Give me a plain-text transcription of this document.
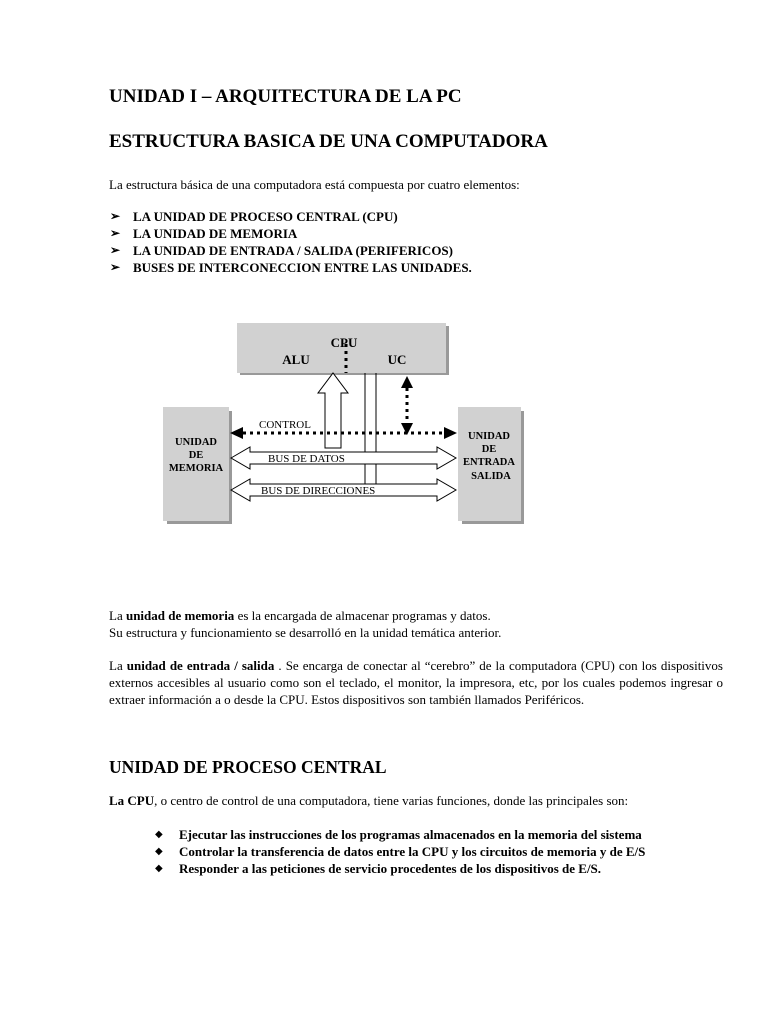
UNIDAD I – ARQUITECTURA DE LA PC
ESTRUCTURA BASICA DE UNA COMPUTADORA

La estructura básica de una computadora está compuesta por cuatro elementos:

➢ LA UNIDAD DE PROCESO CENTRAL (CPU)
➢ LA UNIDAD DE MEMORIA
➢ LA UNIDAD DE ENTRADA / SALIDA (PERIFERICOS)
➢ BUSES DE INTERCONECCION ENTRE LAS UNIDADES.
CPU
ALU	UC
CONTROL
BUS DE DATOS
BUS DE DIRECCIONES
UNIDAD
DE
MEMORIA
UNIDAD
DE
ENTRADA
SALIDA

La unidad de memoria es la encargada de almacenar programas y datos.
Su estructura y funcionamiento se desarrolló en la unidad temática anterior.

La unidad de entrada / salida . Se encarga de conectar al “cerebro” de la computadora (CPU) con los dispositivos externos accesibles al usuario como son el teclado, el monitor, la impresora, etc, por los cuales podemos ingresar o extraer información a o desde la CPU. Estos dispositivos son también llamados Periféricos.

UNIDAD DE PROCESO CENTRAL

La CPU, o centro de control de una computadora, tiene varias funciones, donde las principales son:

◆ Ejecutar las instrucciones de los programas almacenados en la memoria del sistema
◆ Controlar la transferencia de datos entre la CPU y los circuitos de memoria y de E/S
◆ Responder a las peticiones de servicio procedentes de los dispositivos de E/S.
